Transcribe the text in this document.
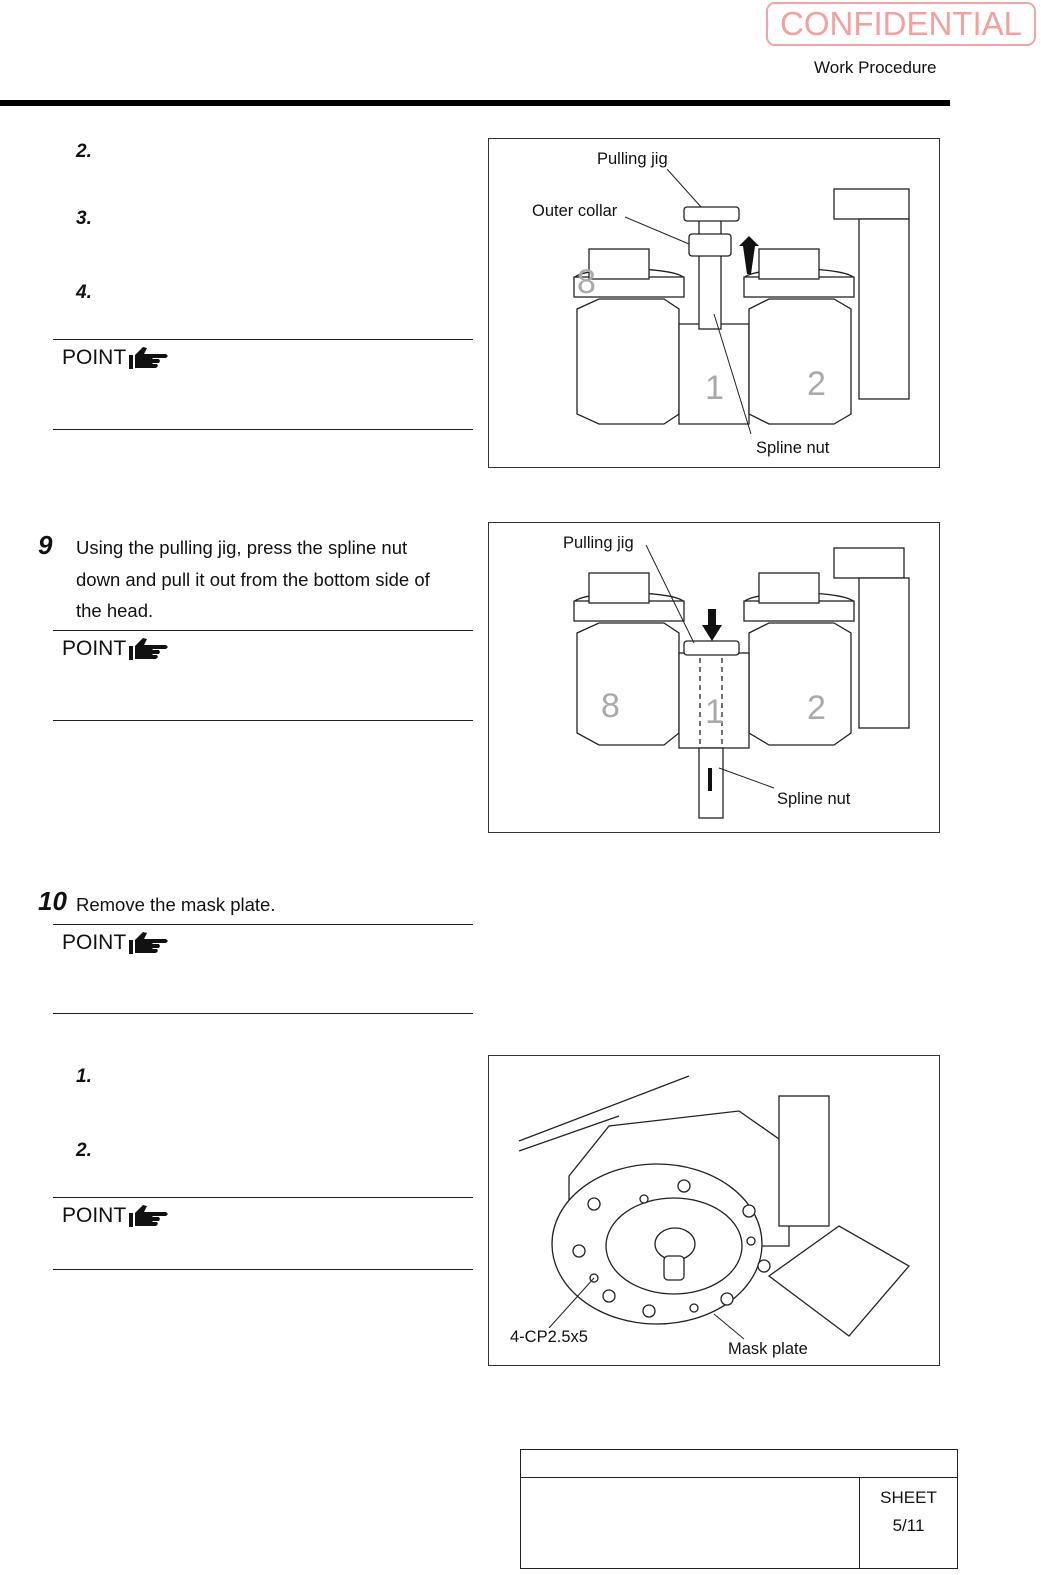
CONFIDENTIAL
Work Procedure
2.
3.
4.
POINT
8
1 2
Pulling jig
Outer collar
Spline nut
9 Using the pulling jig, press the spline nut
down and pull it out from the bottom side of
the head.
POINT
8	1 2
Pulling jig
Spline nut
10 Remove the mask plate.
POINT
1.
2.
POINT
4-CP2.5x5
Mask plate
SHEET
5/11
